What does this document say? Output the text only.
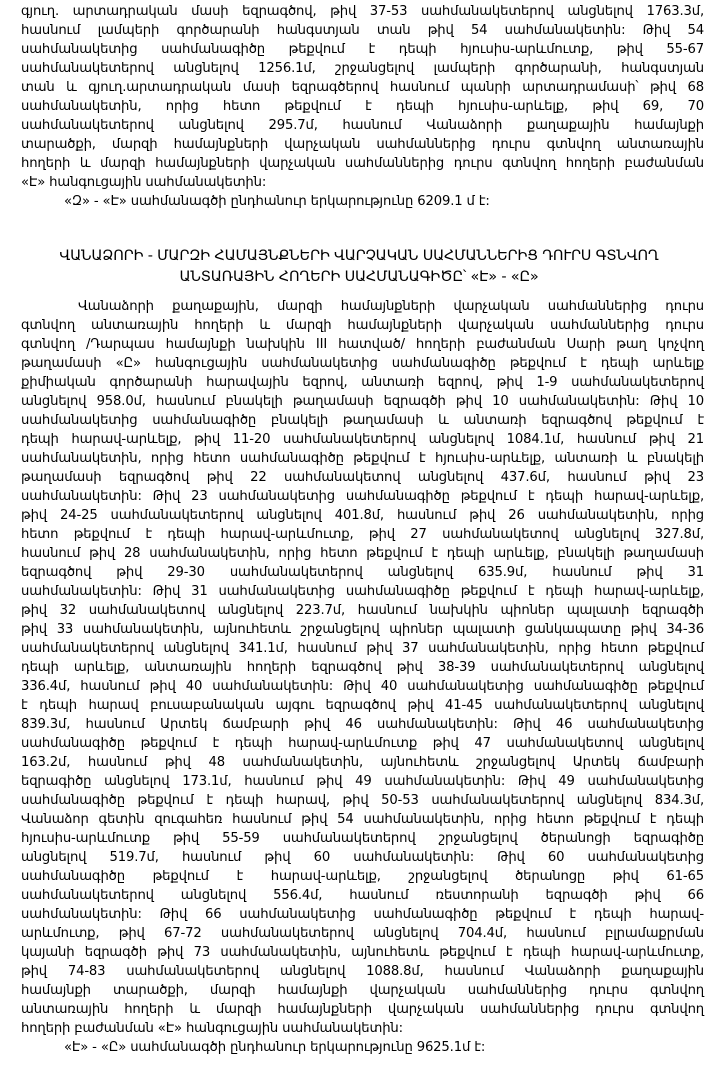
գյուղ. արտադրական մասի եզրագծով, թիվ 37-53 սահմանակետերով անցնելով 1763.3մ,
հասնում լամպերի գործարանի հանգստյան տան թիվ 54 սահմանակետին: Թիվ 54
սահմանակետից սահմանագիծը թեքվում է դեպի հյուսիս-արևմուտք, թիվ 55-67
սահմանակետերով անցնելով 1256.1մ, շրջանցելով լամպերի գործարանի, հանգստյան
տան և գյուղ.արտադրական մասի եզրագծերով հասնում պանրի արտադրամասի՝ թիվ 68
սահմանակետին, որից հետո թեքվում է դեպի հյուսիս-արևելք, թիվ 69, 70
սահմանակետերով անցնելով 295.7մ, հասնում Վանաձորի քաղաքային համայնքի
տարածքի, մարզի համայնքների վարչական սահմաններից դուրս գտնվող անտառային
հողերի և մարզի համայնքների վարչական սահմաններից դուրս գտնվող հողերի բաժանման
«Է» հանգուցային սահմանակետին:
«Զ» - «Է» սահմանագծի ընդհանուր երկարությունը 6209.1 մ է:
ՎԱՆԱՁՈՐԻ - ՄԱՐԶԻ ՀԱՄԱՅՆՔՆԵՐԻ ՎԱՐՉԱԿԱՆ ՍԱՀՄԱՆՆԵՐԻՑ ԴՈՒՐՍ ԳՏՆՎՈՂ
ԱՆՏԱՌԱՅԻՆ ՀՈՂԵՐԻ ՍԱՀՄԱՆԱԳԻԾԸ՝ «Է» - «Ը»
Վանաձորի քաղաքային, մարզի համայնքների վարչական սահմաններից դուրս
գտնվող անտառային հողերի և մարզի համայնքների վարչական սահմաններից դուրս
գտնվող /Դարպաս համայնքի նախկին III հատված/ հողերի բաժանման Սարի թաղ կոչվող
թաղամասի «Ը» հանգուցային սահմանակետից սահմանագիծը թեքվում է դեպի արևելք
քիմիական գործարանի հարավային եզրով, անտառի եզրով, թիվ 1-9 սահմանակետերով
անցնելով 958.0մ, հասնում բնակելի թաղամասի եզրագծի թիվ 10 սահմանակետին: Թիվ 10
սահմանակետից սահմանագիծը բնակելի թաղամասի և անտառի եզրագծով թեքվում է
դեպի հարավ-արևելք, թիվ 11-20 սահմանակետերով անցնելով 1084.1մ, հասնում թիվ 21
սահմանակետին, որից հետո սահմանագիծը թեքվում է հյուսիս-արևելք, անտառի և բնակելի
թաղամասի եզրագծով թիվ 22 սահմանակետով անցնելով 437.6մ, հասնում թիվ 23
սահմանակետին: Թիվ 23 սահմանակետից սահմանագիծը թեքվում է դեպի հարավ-արևելք,
թիվ 24-25 սահմանակետերով անցնելով 401.8մ, հասնում թիվ 26 սահմանակետին, որից
հետո թեքվում է դեպի հարավ-արևմուտք, թիվ 27 սահմանակետով անցնելով 327.8մ,
հասնում թիվ 28 սահմանակետին, որից հետո թեքվում է դեպի արևելք, բնակելի թաղամասի
եզրագծով թիվ 29-30 սահմանակետերով անցնելով 635.9մ, հասնում թիվ 31
սահմանակետին: Թիվ 31 սահմանակետից սահմանագիծը թեքվում է դեպի հարավ-արևելք,
թիվ 32 սահմանակետով անցնելով 223.7մ, հասնում նախկին պիոներ պալատի եզրագծի
թիվ 33 սահմանակետին, այնուհետև շրջանցելով պիոներ պալատի ցանկապատը թիվ 34-36
սահմանակետերով անցնելով 341.1մ, հասնում թիվ 37 սահմանակետին, որից հետո թեքվում
դեպի արևելք, անտառային հողերի եզրագծով թիվ 38-39 սահմանակետերով անցնելով
336.4մ, հասնում թիվ 40 սահմանակետին: Թիվ 40 սահմանակետից սահմանագիծը թեքվում
է դեպի հարավ բուսաբանական այգու եզրագծով թիվ 41-45 սահմանակետերով անցնելով
839.3մ, հասնում Արտեկ ճամբարի թիվ 46 սահմանակետին: Թիվ 46 սահմանակետից
սահմանագիծը թեքվում է դեպի հարավ-արևմուտք թիվ 47 սահմանակետով անցնելով
163.2մ, հասնում թիվ 48 սահմանակետին, այնուհետև շրջանցելով Արտեկ ճամբարի
եզրագիծը անցնելով 173.1մ, հասնում թիվ 49 սահմանակետին: Թիվ 49 սահմանակետից
սահմանագիծը թեքվում է դեպի հարավ, թիվ 50-53 սահմանակետերով անցնելով 834.3մ,
Վանաձոր գետին զուգահեռ հասնում թիվ 54 սահմանակետին, որից հետո թեքվում է դեպի
հյուսիս-արևմուտք թիվ 55-59 սահմանակետերով շրջանցելով ծերանոցի եզրագիծը
անցնելով 519.7մ, հասնում թիվ 60 սահմանակետին: Թիվ 60 սահմանակետից
սահմանագիծը թեքվում է հարավ-արևելք, շրջանցելով ծերանոցը թիվ 61-65
սահմանակետերով անցնելով 556.4մ, հասնում ռեստորանի եզրագծի թիվ 66
սահմանակետին: Թիվ 66 սահմանակետից սահմանագիծը թեքվում է դեպի հարավ-
արևմուտք, թիվ 67-72 սահմանակետերով անցնելով 704.4մ, հասնում բլրամաքրման
կայանի եզրագծի թիվ 73 սահմանակետին, այնուհետև թեքվում է դեպի հարավ-արևմուտք,
թիվ 74-83 սահմանակետերով անցնելով 1088.8մ, հասնում Վանաձորի քաղաքային
համայնքի տարածքի, մարզի համայնքի վարչական սահմաններից դուրս գտնվող
անտառային հողերի և մարզի համայնքների վարչական սահմաններից դուրս գտնվող
հողերի բաժանման «Է» հանգուցային սահմանակետին:
«Է» - «Ը» սահմանագծի ընդհանուր երկարությունը 9625.1մ է:
